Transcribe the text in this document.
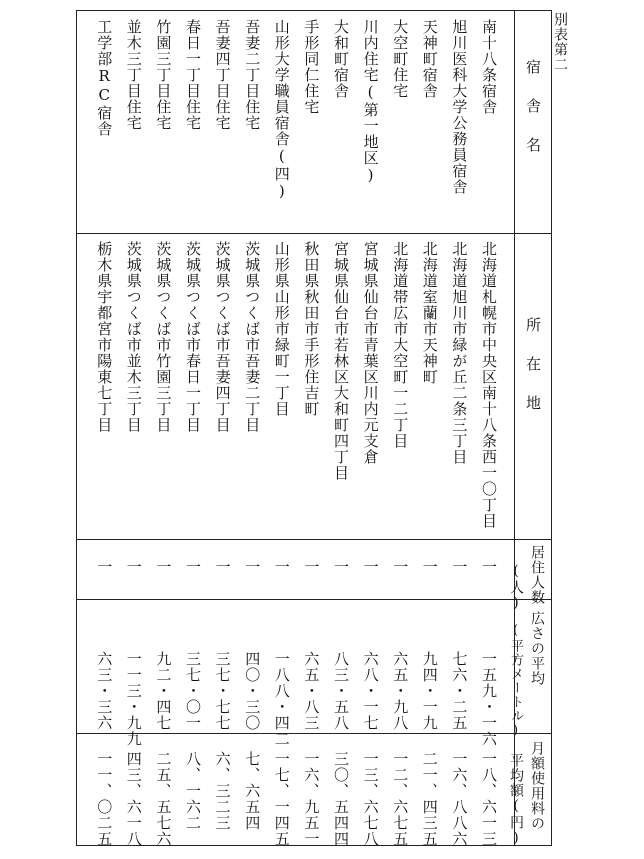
別表第二
宿舎名
所在地
居住人数
(人)
広さの平均
(平方メートル)
月額使用料の
平均額(円)
南十八条宿舎
北海道札幌市中央区南十八条西一〇丁目
一
一五九・一六
一八、六一三
旭川医科大学公務員宿舎
北海道旭川市緑が丘二条三丁目
一
七六・二五
一六、八八六
天神町宿舎
北海道室蘭市天神町
一
九四・一九
二一、四三五
大空町住宅
北海道帯広市大空町一二丁目
一
六五・九八
一二、六七五
川内住宅(第一地区)
宮城県仙台市青葉区川内元支倉
一
六八・一七
一三、六七八
大和町宿舎
宮城県仙台市若林区大和町四丁目
一
八三・五八
三〇、五四四
手形同仁住宅
秋田県秋田市手形住吉町
一
六五・八三
一六、九五一
山形大学職員宿舎(四)
山形県山形市緑町一丁目
一
一八八・四二
一七、一四五
吾妻二丁目住宅
茨城県つくば市吾妻二丁目
一
四〇・三〇
七、六五四
吾妻四丁目住宅
茨城県つくば市吾妻四丁目
一
三七・七七
六、三二三
春日一丁目住宅
茨城県つくば市春日一丁目
一
三七・〇一
八、一六二
竹園三丁目住宅
茨城県つくば市竹園三丁目
一
九二・四七
二五、五七六
並木三丁目住宅
茨城県つくば市並木三丁目
一
一一三・九九
四三、六一八
工学部RC宿舎
栃木県宇都宮市陽東七丁目
一
六三・三六
一一、〇二五
